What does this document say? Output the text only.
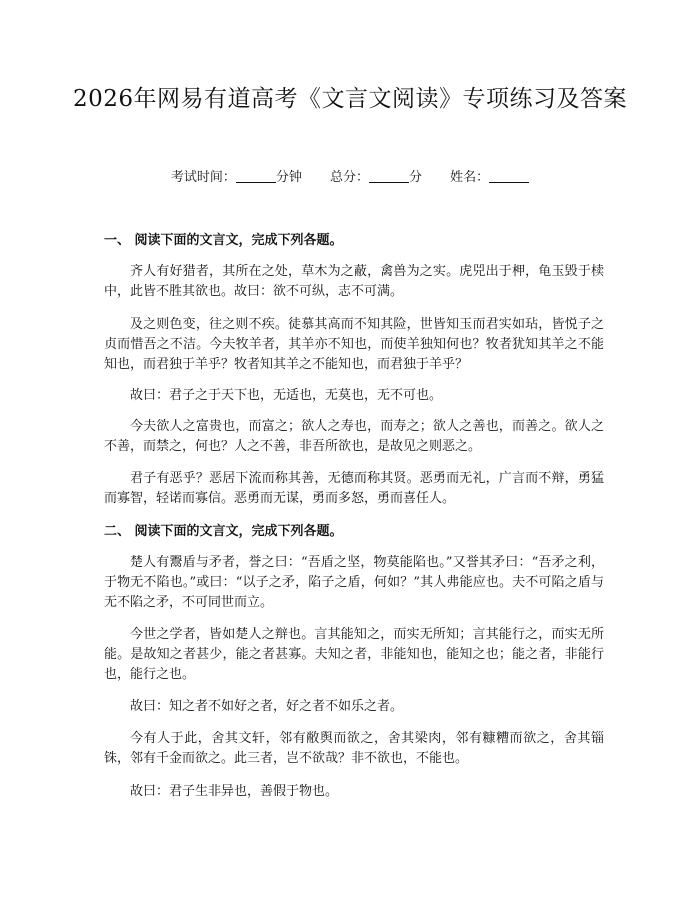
2026年网易有道高考《文言文阅读》专项练习及答案
考试时间：	分钟 总分：	分 姓名：
一、 阅读下面的文言文，完成下列各题。
齐人有好猎者，其所在之处，草木为之蔽，禽兽为之实。虎兕出于柙，龟玉毁于椟中，此皆不胜其欲也。故曰：欲不可纵，志不可满。
及之则色变，往之则不疾。徒慕其高而不知其险，世皆知玉而君实如玷，皆悦子之贞而惜吾之不洁。今夫牧羊者，其羊亦不知也，而使羊独知何也？牧者犹知其羊之不能知也，而君独于羊乎？牧者知其羊之不能知也，而君独于羊乎？
故曰：君子之于天下也，无适也，无莫也，无不可也。
今夫欲人之富贵也，而富之；欲人之寿也，而寿之；欲人之善也，而善之。欲人之不善，而禁之，何也？人之不善，非吾所欲也，是故见之则恶之。
君子有恶乎？恶居下流而称其善，无德而称其贤。恶勇而无礼，广言而不辩，勇猛而寡智，轻诺而寡信。恶勇而无谋，勇而多怒，勇而喜任人。
二、 阅读下面的文言文，完成下列各题。
楚人有鬻盾与矛者，誉之曰：“吾盾之坚，物莫能陷也。”又誉其矛曰：“吾矛之利，于物无不陷也。”或曰：“以子之矛，陷子之盾，何如？”其人弗能应也。夫不可陷之盾与无不陷之矛，不可同世而立。
今世之学者，皆如楚人之辩也。言其能知之，而实无所知；言其能行之，而实无所能。是故知之者甚少，能之者甚寡。夫知之者，非能知也，能知之也；能之者，非能行也，能行之也。
故曰：知之者不如好之者，好之者不如乐之者。
今有人于此，舍其文轩，邻有敝舆而欲之，舍其梁肉，邻有糠糟而欲之，舍其锱铢，邻有千金而欲之。此三者，岂不欲哉？非不欲也，不能也。
故曰：君子生非异也，善假于物也。
